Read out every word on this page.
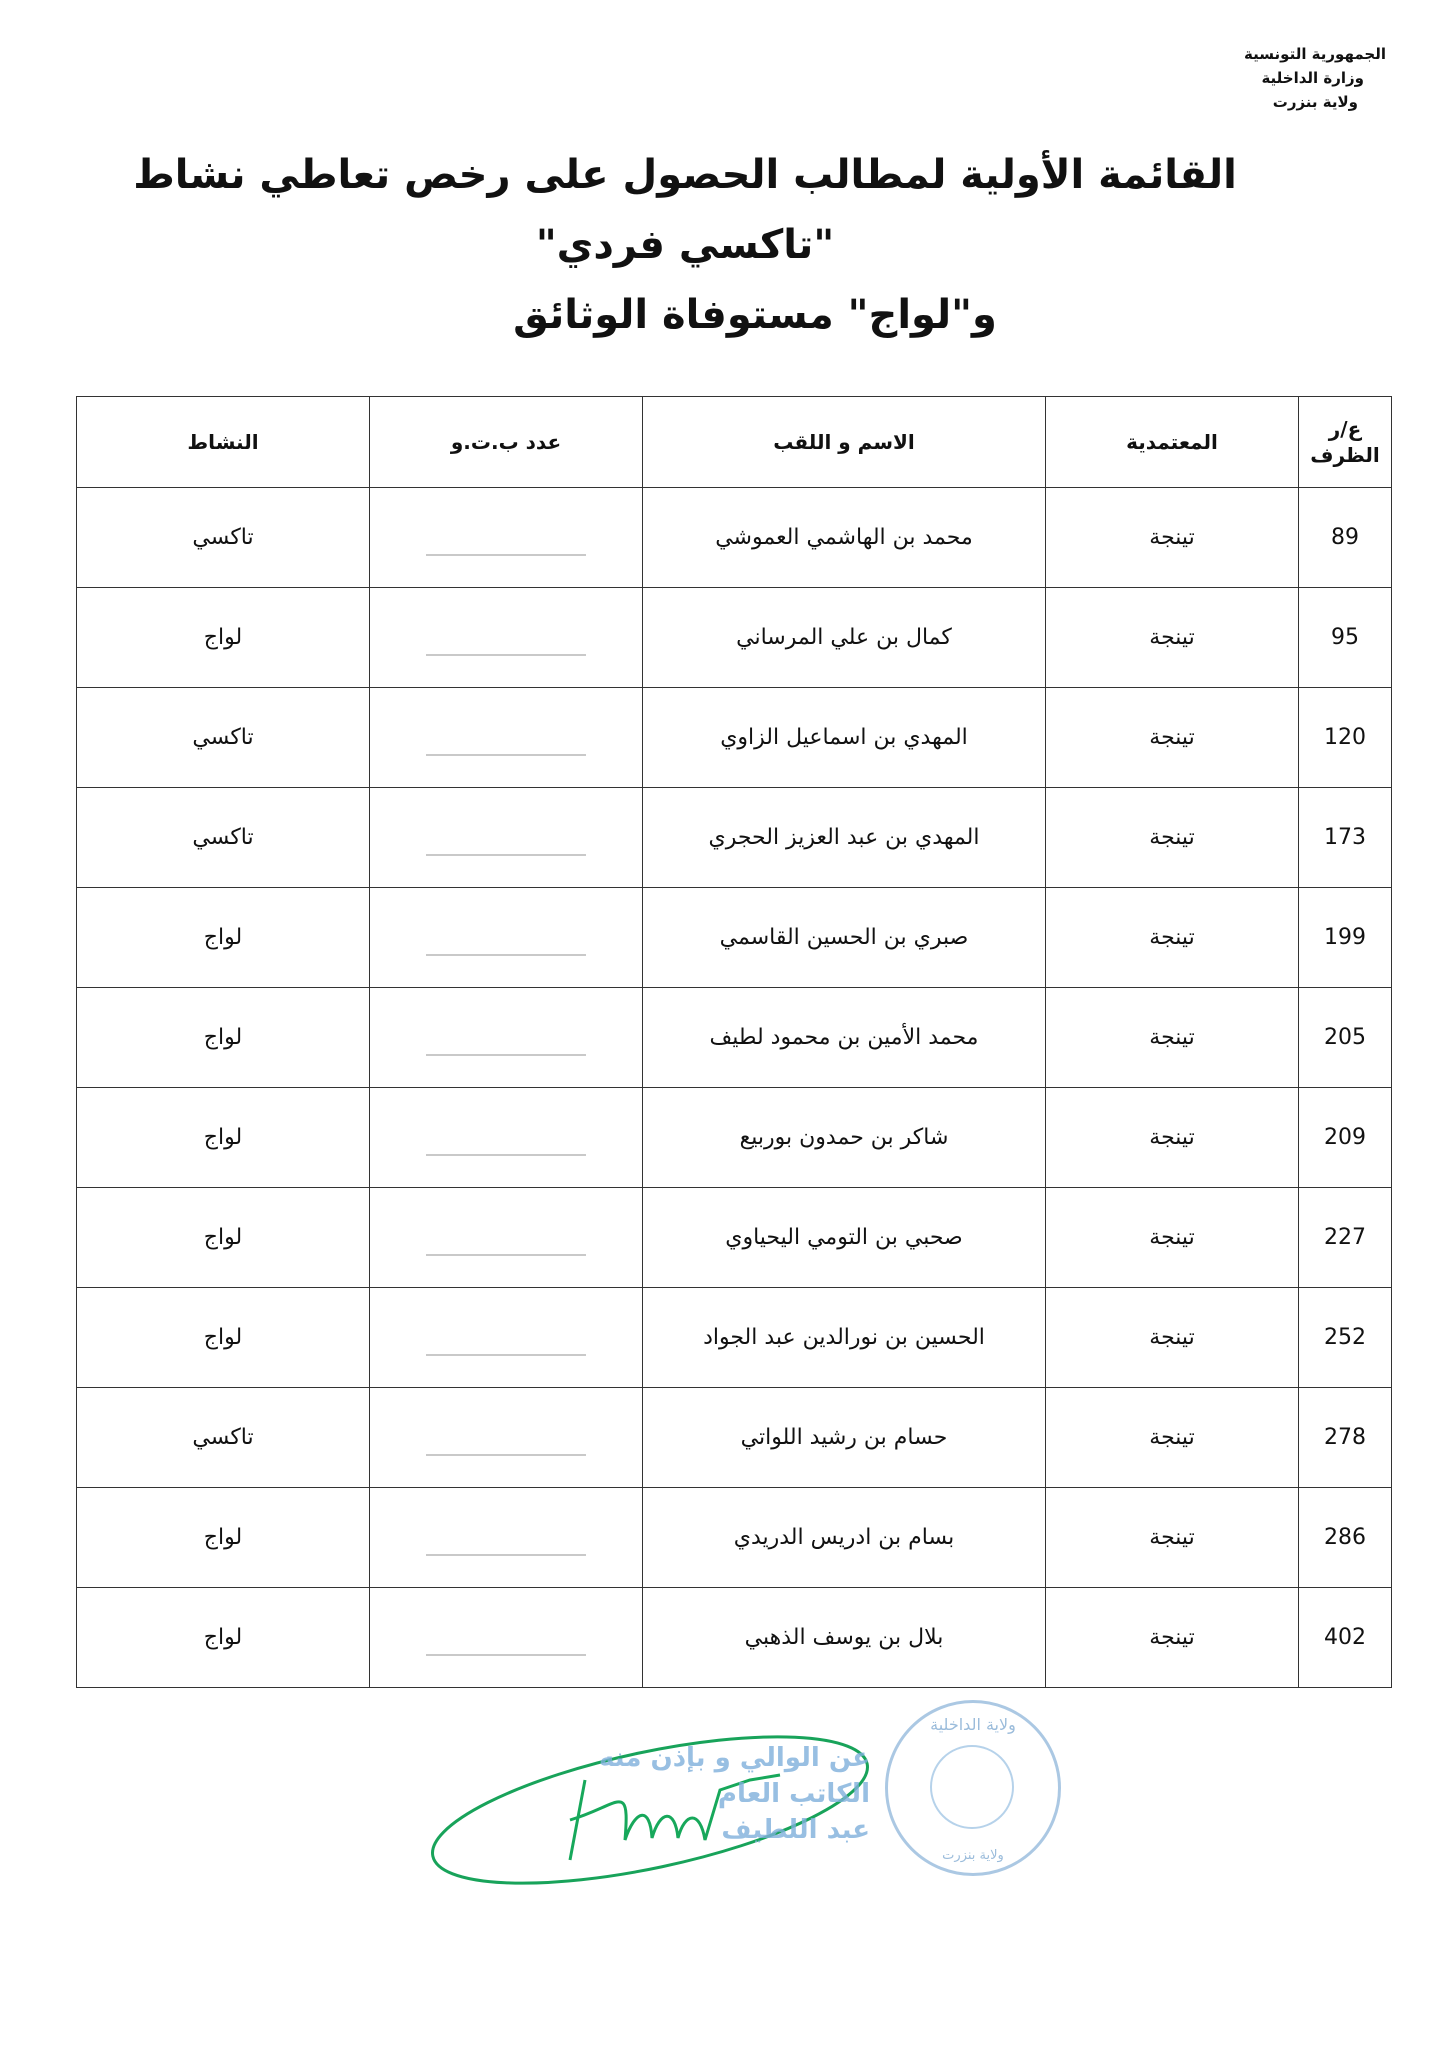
الجمهورية التونسية
وزارة الداخلية
ولاية بنزرت
القائمة الأولية لمطالب الحصول على رخص تعاطي نشاط "تاكسي فردي"
و"لواج" مستوفاة الوثائق
ع/ر الظرف	المعتمدية	الاسم و اللقب	عدد ب.ت.و	النشاط
89	تينجة	محمد بن الهاشمي العموشي		تاكسي
95	تينجة	كمال بن علي المرساني		لواج
120	تينجة	المهدي بن اسماعيل الزاوي		تاكسي
173	تينجة	المهدي بن عبد العزيز الحجري		تاكسي
199	تينجة	صبري بن الحسين القاسمي		لواج
205	تينجة	محمد الأمين بن محمود لطيف		لواج
209	تينجة	شاكر بن حمدون بوربيع		لواج
227	تينجة	صحبي بن التومي اليحياوي		لواج
252	تينجة	الحسين بن نورالدين عبد الجواد		لواج
278	تينجة	حسام بن رشيد اللواتي		تاكسي
286	تينجة	بسام بن ادريس الدريدي		لواج
402	تينجة	بلال بن يوسف الذهبي		لواج
عن الوالي و بإذن منه
الكاتب العام
عبد اللطيف
ولاية الداخلية
ولاية بنزرت
